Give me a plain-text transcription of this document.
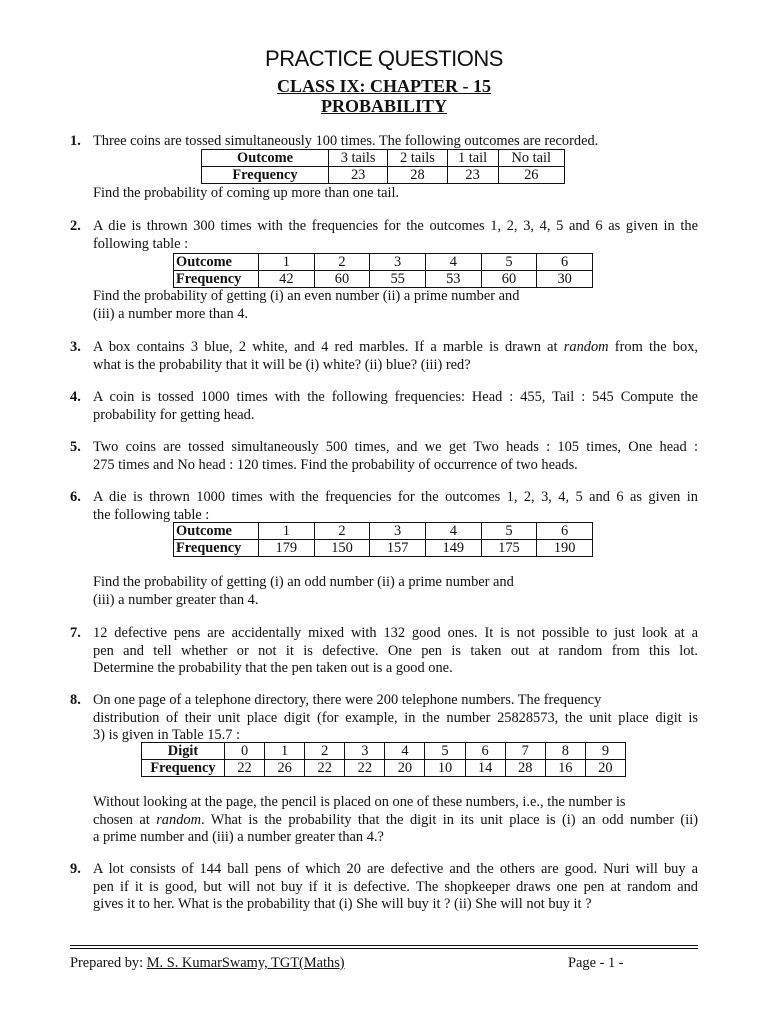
PRACTICE QUESTIONS
CLASS IX: CHAPTER - 15
PROBABILITY
1. Three coins are tossed simultaneously 100 times. The following outcomes are recorded.

Outcome	3 tails	2 tails	1 tail	No tail
Frequency	23	28	23	26

Find the probability of coming up more than one tail.

2. A die is thrown 300 times with the frequencies for the outcomes 1, 2, 3, 4, 5 and 6 as given in the

following table :

Outcome	1	2	3	4	5	6
Frequency	42	60	55	53	60	30

Find the probability of getting (i) an even number (ii) a prime number and

(iii) a number more than 4.

3. A box contains 3 blue, 2 white, and 4 red marbles. If a marble is drawn at random from the box,

what is the probability that it will be (i) white? (ii) blue? (iii) red?

4. A coin is tossed 1000 times with the following frequencies: Head : 455, Tail : 545 Compute the

probability for getting head.

5. Two coins are tossed simultaneously 500 times, and we get Two heads : 105 times, One head :

275 times and No head : 120 times. Find the probability of occurrence of two heads.

6. A die is thrown 1000 times with the frequencies for the outcomes 1, 2, 3, 4, 5 and 6 as given in

the following table :

Outcome	1	2	3	4	5	6
Frequency	179	150	157	149	175	190

Find the probability of getting (i) an odd number (ii) a prime number and

(iii) a number greater than 4.

7. 12 defective pens are accidentally mixed with 132 good ones. It is not possible to just look at a

pen and tell whether or not it is defective. One pen is taken out at random from this lot.

Determine the probability that the pen taken out is a good one.

8. On one page of a telephone directory, there were 200 telephone numbers. The frequency

distribution of their unit place digit (for example, in the number 25828573, the unit place digit is

3) is given in Table 15.7 :

Digit	0	1	2	3	4	5	6	7	8	9
Frequency	22	26	22	22	20	10	14	28	16	20

Without looking at the page, the pencil is placed on one of these numbers, i.e., the number is

chosen at random. What is the probability that the digit in its unit place is (i) an odd number (ii)

a prime number and (iii) a number greater than 4.?

9. A lot consists of 144 ball pens of which 20 are defective and the others are good. Nuri will buy a

pen if it is good, but will not buy if it is defective. The shopkeeper draws one pen at random and

gives it to her. What is the probability that (i) She will buy it ? (ii) She will not buy it ?

Prepared by: M. S. KumarSwamy, TGT(Maths)	Page - 1 -
